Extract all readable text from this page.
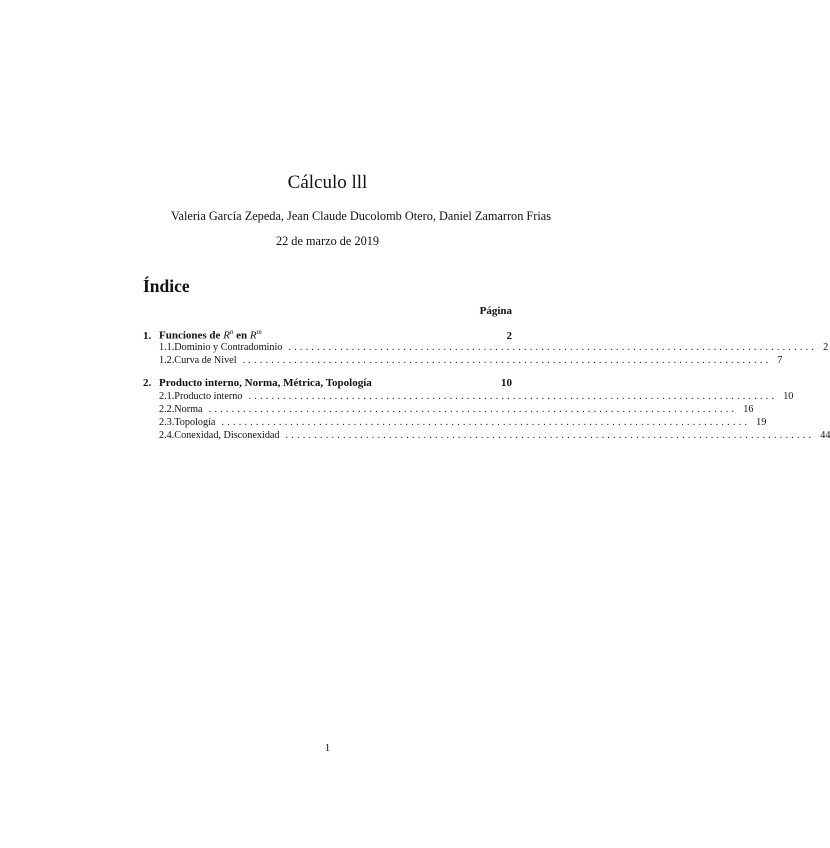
Cálculo lll
Valeria García Zepeda, Jean Claude Ducolomb Otero, Daniel Zamarron Frias
22 de marzo de 2019
Índice
Página
1. Funciones de $R^n$ en $R^m$	2
1.1. Dominio y Contradominio ............................................................................................ 2
1.2. Curva de Nivel ............................................................................................ 7
2. Producto interno, Norma, Métrica, Topología	10
2.1. Producto interno ............................................................................................ 10
2.2. Norma ............................................................................................ 16
2.3. Topología ............................................................................................ 19
2.4. Conexidad, Disconexidad ............................................................................................ 44
1
